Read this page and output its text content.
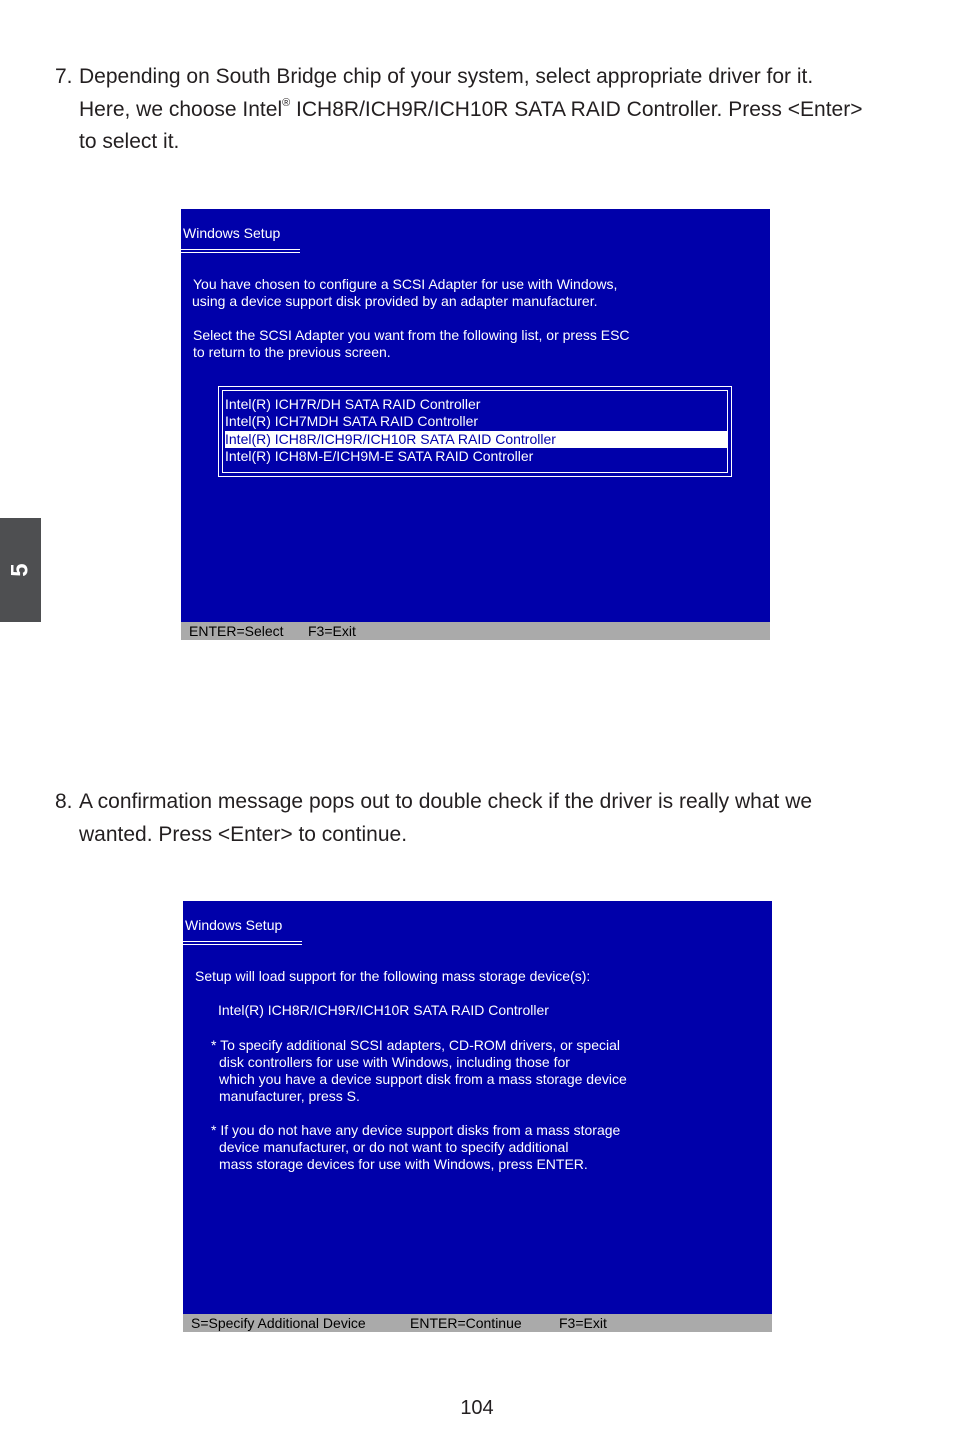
5
7. Depending on South Bridge chip of your system, select appropriate driver for it.
Here, we choose Intel® ICH8R/ICH9R/ICH10R SATA RAID Controller. Press <Enter>
to select it.
Windows Setup
You have chosen to configure a SCSI Adapter for use with Windows,
using a device support disk provided by an adapter manufacturer.
Select the SCSI Adapter you want from the following list, or press ESC
to return to the previous screen.
Intel(R) ICH7R/DH SATA RAID Controller
Intel(R) ICH7MDH SATA RAID Controller
Intel(R) ICH8R/ICH9R/ICH10R SATA RAID Controller
Intel(R) ICH8M-E/ICH9M-E SATA RAID Controller
ENTER=Select F3=Exit
8. A confirmation message pops out to double check if the driver is really what we
wanted. Press <Enter> to continue.
Windows Setup
Setup will load support for the following mass storage device(s):
Intel(R) ICH8R/ICH9R/ICH10R SATA RAID Controller
* To specify additional SCSI adapters, CD-ROM drivers, or special
disk controllers for use with Windows, including those for
which you have a device support disk from a mass storage device
manufacturer, press S.
* If you do not have any device support disks from a mass storage
device manufacturer, or do not want to specify additional
mass storage devices for use with Windows, press ENTER.
S=Specify Additional Device	ENTER=Continue	F3=Exit
104
